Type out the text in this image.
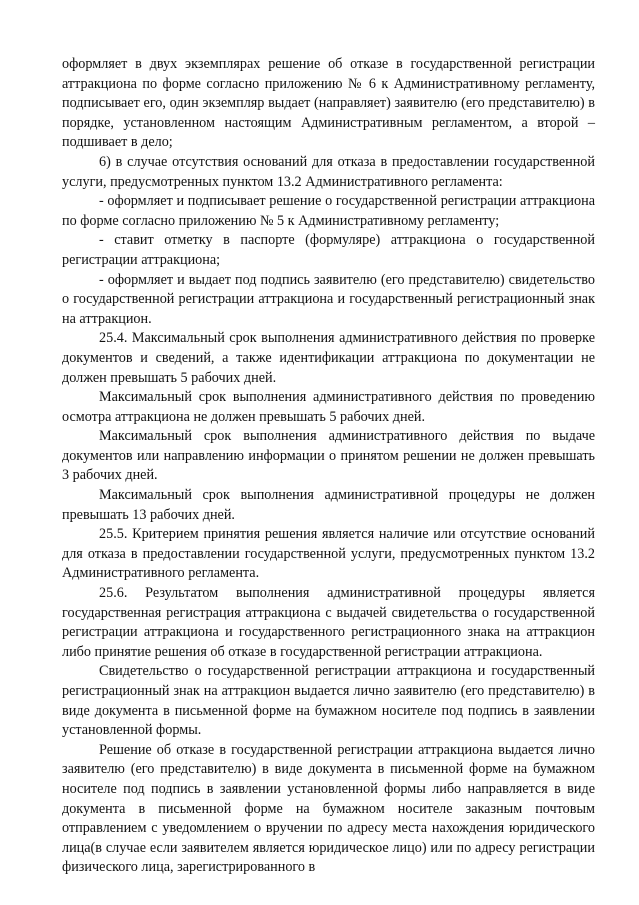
оформляет в двух экземплярах решение об отказе в государственной регистрации аттракциона по форме согласно приложению № 6 к Административному регламенту, подписывает его, один экземпляр выдает (направляет) заявителю (его представителю) в порядке, установленном настоящим Административным регламентом, а второй – подшивает в дело;

6) в случае отсутствия оснований для отказа в предоставлении государственной услуги, предусмотренных пунктом 13.2 Административного регламента:

- оформляет и подписывает решение о государственной регистрации аттракциона по форме согласно приложению № 5 к Административному регламенту;

- ставит отметку в паспорте (формуляре) аттракциона о государственной регистрации аттракциона;

- оформляет и выдает под подпись заявителю (его представителю) свидетельство о государственной регистрации аттракциона и государственный регистрационный знак на аттракцион.

25.4. Максимальный срок выполнения административного действия по проверке документов и сведений, а также идентификации аттракциона по документации не должен превышать 5 рабочих дней.

Максимальный срок выполнения административного действия по проведению осмотра аттракциона не должен превышать 5 рабочих дней.

Максимальный срок выполнения административного действия по выдаче документов или направлению информации о принятом решении не должен превышать 3 рабочих дней.

Максимальный срок выполнения административной процедуры не должен превышать 13 рабочих дней.

25.5. Критерием принятия решения является наличие или отсутствие оснований для отказа в предоставлении государственной услуги, предусмотренных пунктом 13.2 Административного регламента.

25.6. Результатом выполнения административной процедуры является государственная регистрация аттракциона с выдачей свидетельства о государственной регистрации аттракциона и государственного регистрационного знака на аттракцион либо принятие решения об отказе в государственной регистрации аттракциона.

Свидетельство о государственной регистрации аттракциона и государственный регистрационный знак на аттракцион выдается лично заявителю (его представителю) в виде документа в письменной форме на бумажном носителе под подпись в заявлении установленной формы.

Решение об отказе в государственной регистрации аттракциона выдается лично заявителю (его представителю) в виде документа в письменной форме на бумажном носителе под подпись в заявлении установленной формы либо направляется в виде документа в письменной форме на бумажном носителе заказным почтовым отправлением с уведомлением о вручении по адресу места нахождения юридического лица(в случае если заявителем является юридическое лицо) или по адресу регистрации физического лица, зарегистрированного в
